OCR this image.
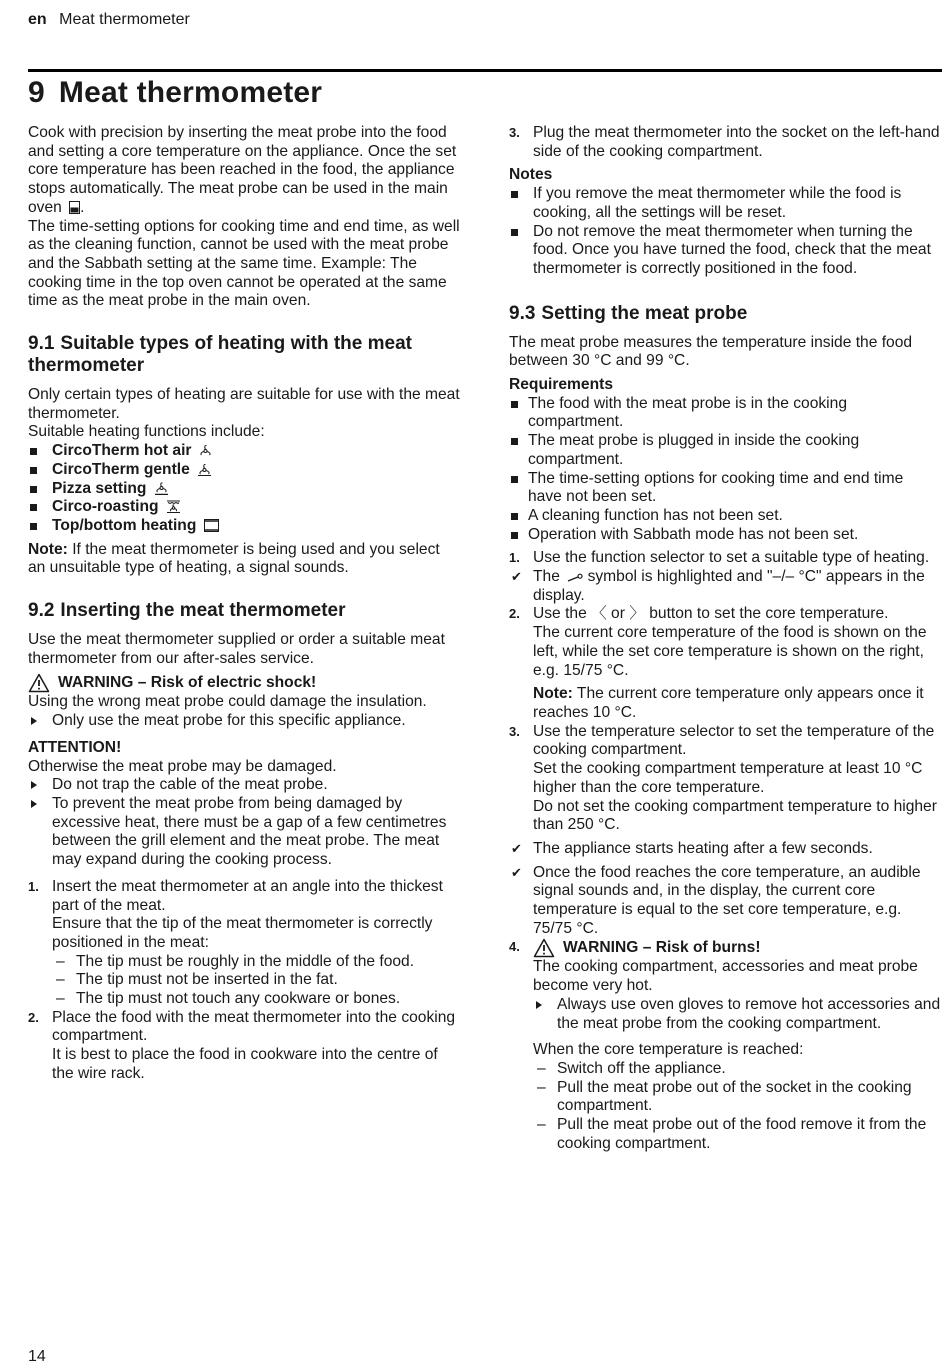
en Meat thermometer
9 Meat thermometer

Cook with precision by inserting the meat probe into the food and setting a core temperature on the appliance. Once the set core temperature has been reached in the food, the appliance stops automatically. The meat probe can be used in the main oven .

The time-setting options for cooking time and end time, as well as the cleaning function, cannot be used with the meat probe and the Sabbath setting at the same time. Example: The cooking time in the top oven cannot be operated at the same time as the meat probe in the main oven.

9.1 Suitable types of heating with the meat thermometer

Only certain types of heating are suitable for use with the meat thermometer.

Suitable heating functions include:

CircoTherm hot air
CircoTherm gentle
Pizza setting
Circo-roasting
Top/bottom heating

Note: If the meat thermometer is being used and you select an unsuitable type of heating, a signal sounds.

9.2 Inserting the meat thermometer

Use the meat thermometer supplied or order a suitable meat thermometer from our after-sales service.

WARNING – Risk of electric shock!

Using the wrong meat probe could damage the insulation.

Only use the meat probe for this specific appliance.

ATTENTION!

Otherwise the meat probe may be damaged.

Do not trap the cable of the meat probe.
To prevent the meat probe from being damaged by excessive heat, there must be a gap of a few centimetres between the grill element and the meat probe. The meat may expand during the cooking process.
1. Insert the meat thermometer at an angle into the thickest part of the meat.

Ensure that the tip of the meat thermometer is correctly positioned in the meat:

– The tip must be roughly in the middle of the food.
– The tip must not be inserted in the fat.
– The tip must not touch any cookware or bones.
2. Place the food with the meat thermometer into the cooking compartment.

It is best to place the food in cookware into the centre of the wire rack.

3. Plug the meat thermometer into the socket on the left-hand side of the cooking compartment.

Notes

If you remove the meat thermometer while the food is cooking, all the settings will be reset.
Do not remove the meat thermometer when turning the food. Once you have turned the food, check that the meat thermometer is correctly positioned in the food.
9.3 Setting the meat probe

The meat probe measures the temperature inside the food between 30 °C and 99 °C.

Requirements

The food with the meat probe is in the cooking compartment.
The meat probe is plugged in inside the cooking compartment.
The time-setting options for cooking time and end time have not been set.
A cleaning function has not been set.
Operation with Sabbath mode has not been set.
1. Use the function selector to set a suitable type of heating.

✔ The symbol is highlighted and "–/– °C" appears in the display.
2. Use the 〈 or 〉 button to set the core temperature.

The current core temperature of the food is shown on the left, while the set core temperature is shown on the right, e.g. 15/75 °C.

Note: The current core temperature only appears once it reaches 10 °C.

3. Use the temperature selector to set the temperature of the cooking compartment.

Set the cooking compartment temperature at least 10 °C higher than the core temperature.

Do not set the cooking compartment temperature to higher than 250 °C.

✔ The appliance starts heating after a few seconds.
✔ Once the food reaches the core temperature, an audible signal sounds and, in the display, the current core temperature is equal to the set core temperature, e.g. 75/75 °C.
4.	WARNING – Risk of burns!

The cooking compartment, accessories and meat probe become very hot.

Always use oven gloves to remove hot accessories and the meat probe from the cooking compartment.

When the core temperature is reached:

– Switch off the appliance.
– Pull the meat probe out of the socket in the cooking compartment.
– Pull the meat probe out of the food remove it from the cooking compartment.
14
